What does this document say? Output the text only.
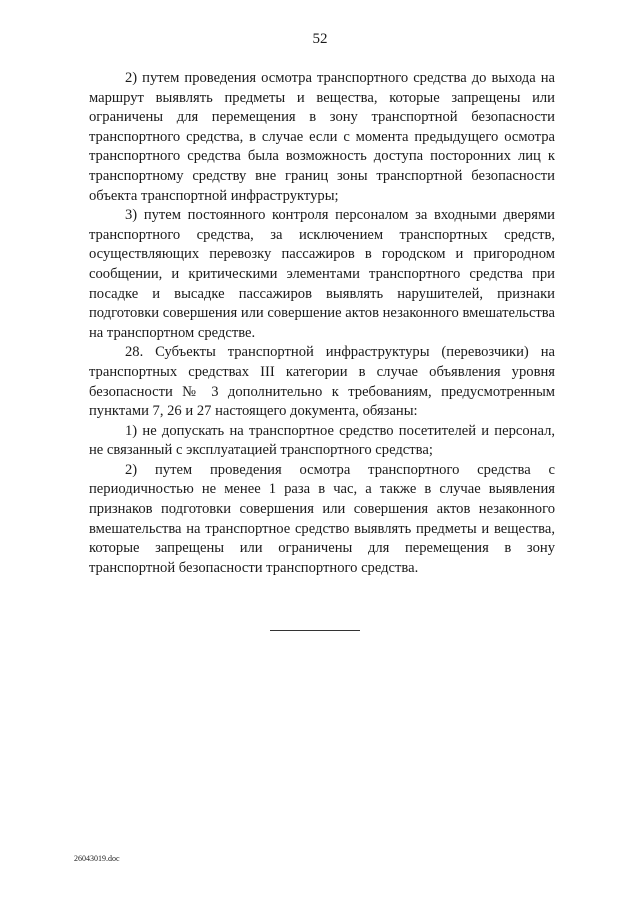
52

2) путем проведения осмотра транспортного средства до выхода на маршрут выявлять предметы и вещества, которые запрещены или ограничены для перемещения в зону транспортной безопасности транспортного средства, в случае если с момента предыдущего осмотра транспортного средства была возможность доступа посторонних лиц к транспортному средству вне границ зоны транспортной безопасности объекта транспортной инфраструктуры;

3) путем постоянного контроля персоналом за входными дверями транспортного средства, за исключением транспортных средств, осуществляющих перевозку пассажиров в городском и пригородном сообщении, и критическими элементами транспортного средства при посадке и высадке пассажиров выявлять нарушителей, признаки подготовки совершения или совершение актов незаконного вмешательства на транспортном средстве.

28. Субъекты транспортной инфраструктуры (перевозчики) на транспортных средствах III категории в случае объявления уровня безопасности № 3 дополнительно к требованиям, предусмотренным пунктами 7, 26 и 27 настоящего документа, обязаны:

1) не допускать на транспортное средство посетителей и персонал, не связанный с эксплуатацией транспортного средства;

2) путем проведения осмотра транспортного средства с периодичностью не менее 1 раза в час, а также в случае выявления признаков подготовки совершения или совершения актов незаконного вмешательства на транспортное средство выявлять предметы и вещества, которые запрещены или ограничены для перемещения в зону транспортной безопасности транспортного средства.

26043019.doc
